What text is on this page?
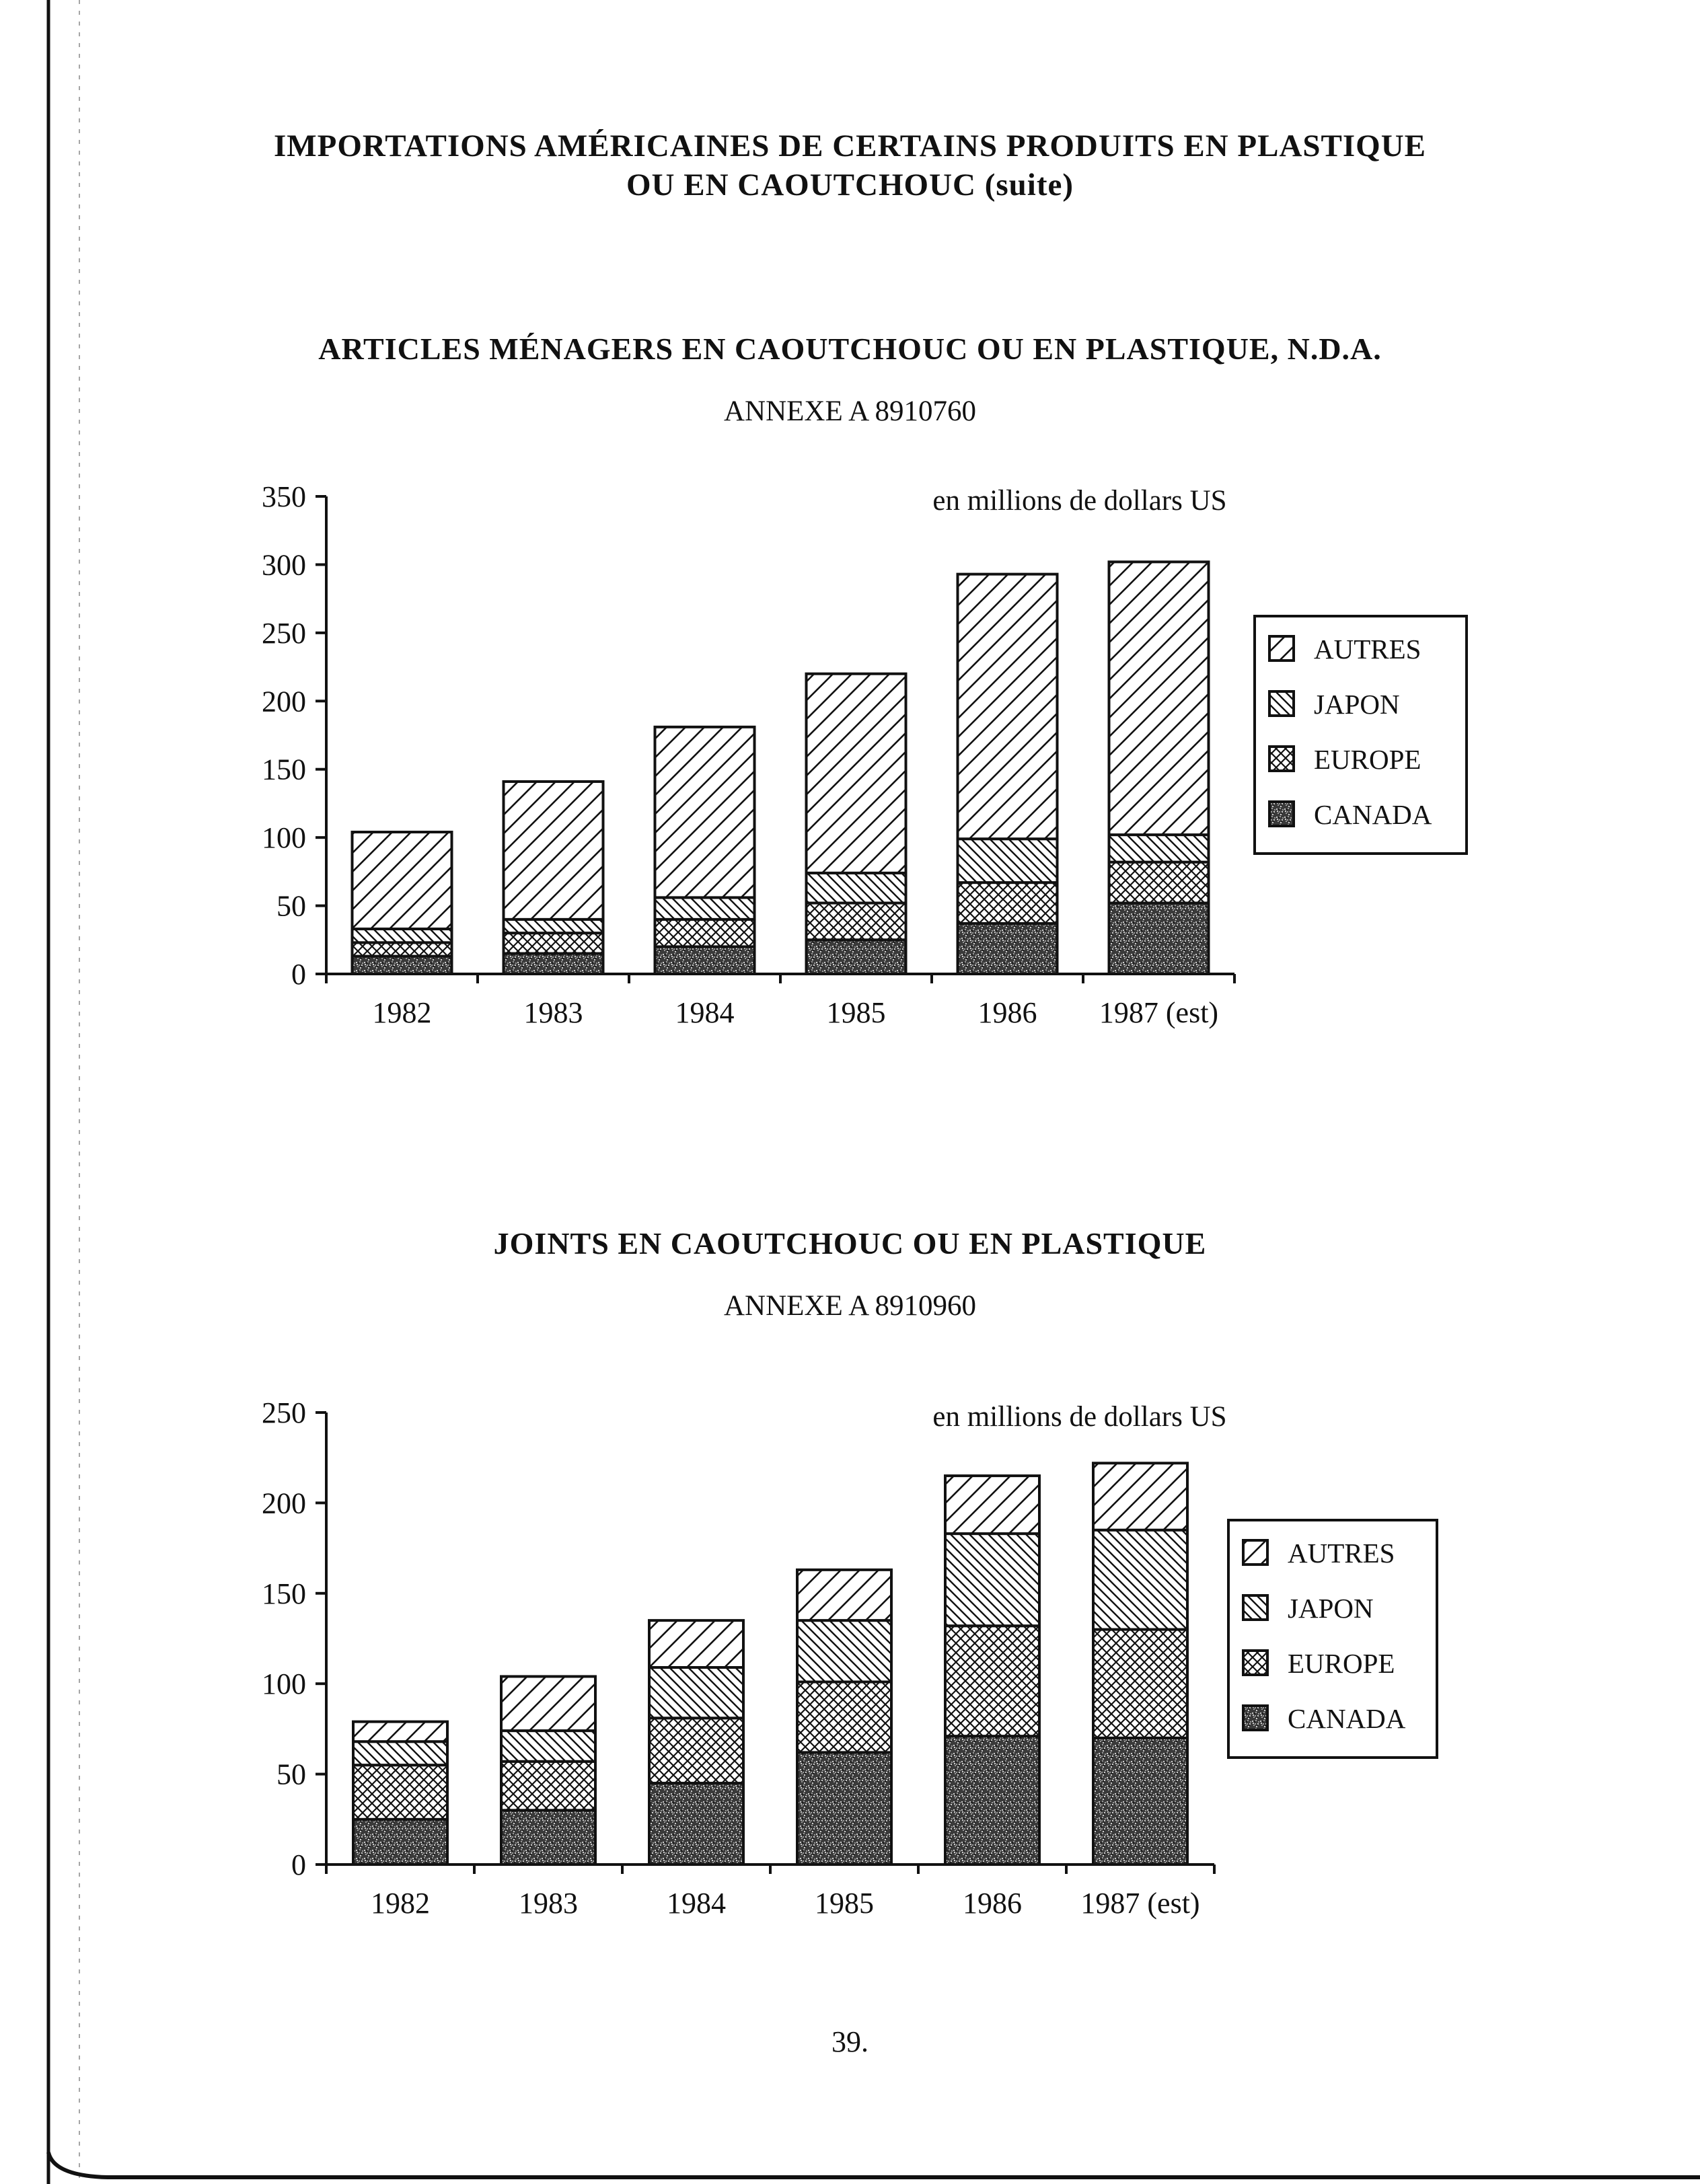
IMPORTATIONS AMÉRICAINES DE CERTAINS PRODUITS EN PLASTIQUE
OU EN CAOUTCHOUC (suite)
ARTICLES MÉNAGERS EN CAOUTCHOUC OU EN PLASTIQUE, N.D.A.
ANNEXE A 8910760
0
50
100
150
200
250
300
350
1982	1983	1984	1985	1986 1987 (est)
en millions de dollars US
AUTRES
JAPON
EUROPE
CANADA
JOINTS EN CAOUTCHOUC OU EN PLASTIQUE
ANNEXE A 8910960
0
50
100
150
200
250
1982	1983	1984	1985	1986 1987 (est)
en millions de dollars US
AUTRES
JAPON
EUROPE
CANADA
39.
